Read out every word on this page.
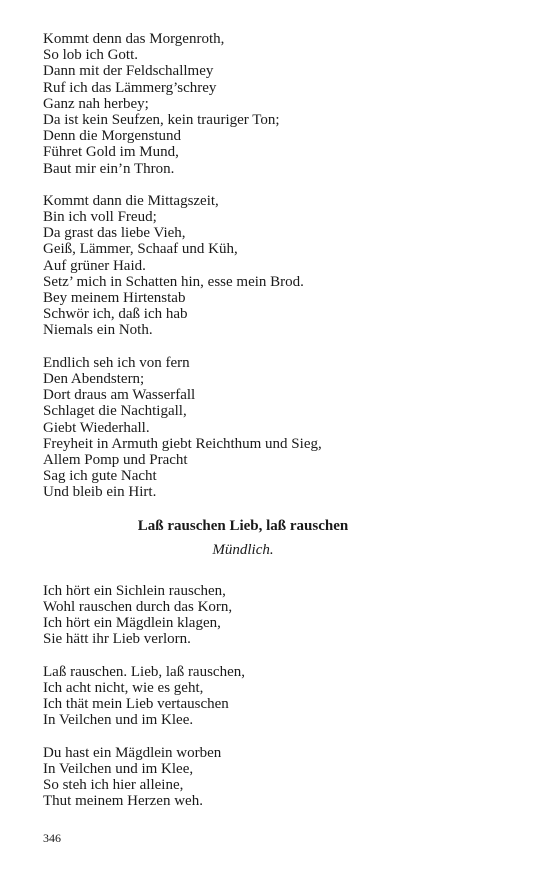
Kommt denn das Morgenroth,
So lob ich Gott.
Dann mit der Feldschallmey
Ruf ich das Lämmerg’schrey
Ganz nah herbey;
Da ist kein Seufzen, kein trauriger Ton;
Denn die Morgenstund
Führet Gold im Mund,
Baut mir ein’n Thron.
Kommt dann die Mittagszeit,
Bin ich voll Freud;
Da grast das liebe Vieh,
Geiß, Lämmer, Schaaf und Küh,
Auf grüner Haid.
Setz’ mich in Schatten hin, esse mein Brod.
Bey meinem Hirtenstab
Schwör ich, daß ich hab
Niemals ein Noth.
Endlich seh ich von fern
Den Abendstern;
Dort draus am Wasserfall
Schlaget die Nachtigall,
Giebt Wiederhall.
Freyheit in Armuth giebt Reichthum und Sieg,
Allem Pomp und Pracht
Sag ich gute Nacht
Und bleib ein Hirt.
Laß rauschen Lieb, laß rauschen
Mündlich.
Ich hört ein Sichlein rauschen,
Wohl rauschen durch das Korn,
Ich hört ein Mägdlein klagen,
Sie hätt ihr Lieb verlorn.
Laß rauschen. Lieb, laß rauschen,
Ich acht nicht, wie es geht,
Ich thät mein Lieb vertauschen
In Veilchen und im Klee.
Du hast ein Mägdlein worben
In Veilchen und im Klee,
So steh ich hier alleine,
Thut meinem Herzen weh.
346
